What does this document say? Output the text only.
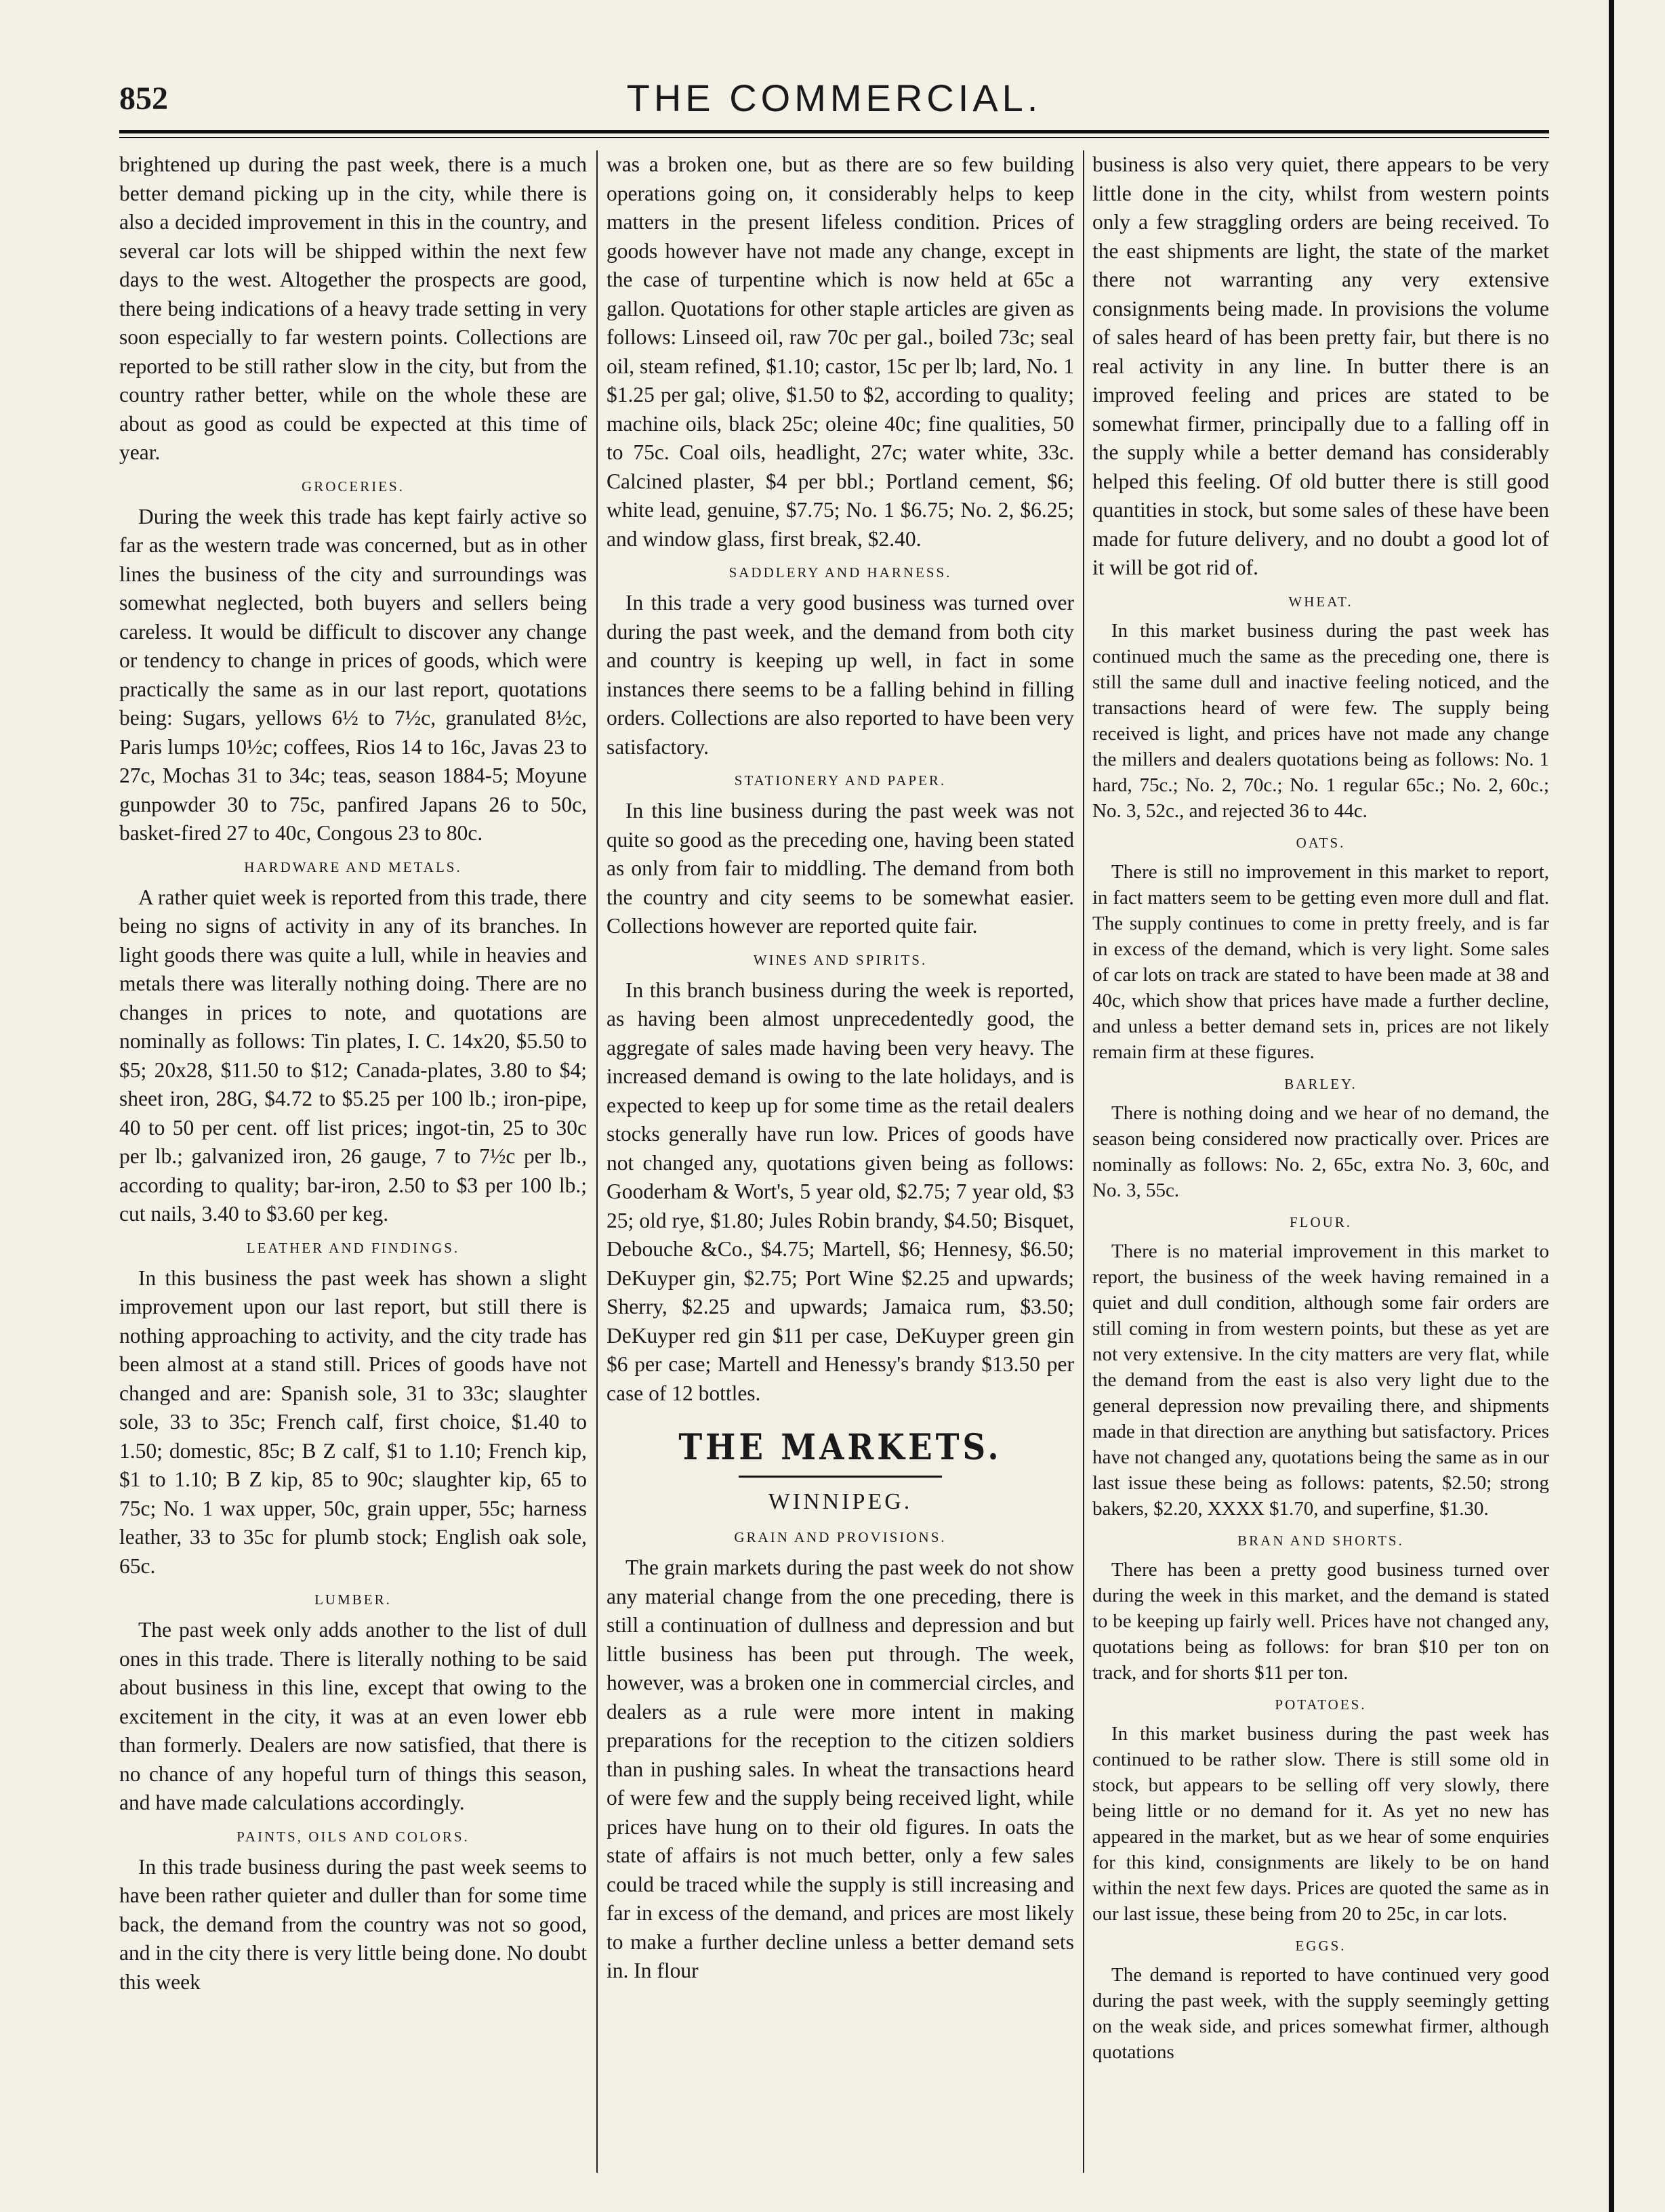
852	THE COMMERCIAL.

brightened up during the past week, there is a much better demand picking up in the city, while there is also a decided improvement in this in the country, and several car lots will be shipped within the next few days to the west. Altogether the prospects are good, there being indications of a heavy trade setting in very soon especially to far western points. Collections are reported to be still rather slow in the city, but from the country rather better, while on the whole these are about as good as could be expected at this time of year.

GROCERIES.

During the week this trade has kept fairly active so far as the western trade was concerned, but as in other lines the business of the city and surroundings was somewhat neglected, both buyers and sellers being careless. It would be difficult to discover any change or tendency to change in prices of goods, which were practically the same as in our last report, quotations being: Sugars, yellows 6½ to 7½c, granulated 8½c, Paris lumps 10½c; coffees, Rios 14 to 16c, Javas 23 to 27c, Mochas 31 to 34c; teas, season 1884-5; Moyune gunpowder 30 to 75c, panfired Japans 26 to 50c, basket-fired 27 to 40c, Congous 23 to 80c.

HARDWARE AND METALS.

A rather quiet week is reported from this trade, there being no signs of activity in any of its branches. In light goods there was quite a lull, while in heavies and metals there was literally nothing doing. There are no changes in prices to note, and quotations are nominally as follows: Tin plates, I. C. 14x20, $5.50 to $5; 20x28, $11.50 to $12; Canada-plates, 3.80 to $4; sheet iron, 28G, $4.72 to $5.25 per 100 lb.; iron-pipe, 40 to 50 per cent. off list prices; ingot-tin, 25 to 30c per lb.; galvanized iron, 26 gauge, 7 to 7½c per lb., according to quality; bar-iron, 2.50 to $3 per 100 lb.; cut nails, 3.40 to $3.60 per keg.

LEATHER AND FINDINGS.

In this business the past week has shown a slight improvement upon our last report, but still there is nothing approaching to activity, and the city trade has been almost at a stand still. Prices of goods have not changed and are: Spanish sole, 31 to 33c; slaughter sole, 33 to 35c; French calf, first choice, $1.40 to 1.50; domestic, 85c; B Z calf, $1 to 1.10; French kip, $1 to 1.10; B Z kip, 85 to 90c; slaughter kip, 65 to 75c; No. 1 wax upper, 50c, grain upper, 55c; harness leather, 33 to 35c for plumb stock; English oak sole, 65c.

LUMBER.

The past week only adds another to the list of dull ones in this trade. There is literally nothing to be said about business in this line, except that owing to the excitement in the city, it was at an even lower ebb than formerly. Dealers are now satisfied, that there is no chance of any hopeful turn of things this season, and have made calculations accordingly.

PAINTS, OILS AND COLORS.

In this trade business during the past week seems to have been rather quieter and duller than for some time back, the demand from the country was not so good, and in the city there is very little being done. No doubt this week

was a broken one, but as there are so few building operations going on, it considerably helps to keep matters in the present lifeless condition. Prices of goods however have not made any change, except in the case of turpentine which is now held at 65c a gallon. Quotations for other staple articles are given as follows: Linseed oil, raw 70c per gal., boiled 73c; seal oil, steam refined, $1.10; castor, 15c per lb; lard, No. 1 $1.25 per gal; olive, $1.50 to $2, according to quality; machine oils, black 25c; oleine 40c; fine qualities, 50 to 75c. Coal oils, headlight, 27c; water white, 33c. Calcined plaster, $4 per bbl.; Portland cement, $6; white lead, genuine, $7.75; No. 1 $6.75; No. 2, $6.25; and window glass, first break, $2.40.

SADDLERY AND HARNESS.

In this trade a very good business was turned over during the past week, and the demand from both city and country is keeping up well, in fact in some instances there seems to be a falling behind in filling orders. Collections are also reported to have been very satisfactory.

STATIONERY AND PAPER.

In this line business during the past week was not quite so good as the preceding one, having been stated as only from fair to middling. The demand from both the country and city seems to be somewhat easier. Collections however are reported quite fair.

WINES AND SPIRITS.

In this branch business during the week is reported, as having been almost unprecedentedly good, the aggregate of sales made having been very heavy. The increased demand is owing to the late holidays, and is expected to keep up for some time as the retail dealers stocks generally have run low. Prices of goods have not changed any, quotations given being as follows: Gooderham & Wort's, 5 year old, $2.75; 7 year old, $3 25; old rye, $1.80; Jules Robin brandy, $4.50; Bisquet, Debouche &Co., $4.75; Martell, $6; Hennesy, $6.50; DeKuyper gin, $2.75; Port Wine $2.25 and upwards; Sherry, $2.25 and upwards; Jamaica rum, $3.50; DeKuyper red gin $11 per case, DeKuyper green gin $6 per case; Martell and Henessy's brandy $13.50 per case of 12 bottles.

THE MARKETS.
WINNIPEG.
GRAIN AND PROVISIONS.

The grain markets during the past week do not show any material change from the one preceding, there is still a continuation of dullness and depression and but little business has been put through. The week, however, was a broken one in commercial circles, and dealers as a rule were more intent in making preparations for the reception to the citizen soldiers than in pushing sales. In wheat the transactions heard of were few and the supply being received light, while prices have hung on to their old figures. In oats the state of affairs is not much better, only a few sales could be traced while the supply is still increasing and far in excess of the demand, and prices are most likely to make a further decline unless a better demand sets in. In flour

business is also very quiet, there appears to be very little done in the city, whilst from western points only a few straggling orders are being received. To the east shipments are light, the state of the market there not warranting any very extensive consignments being made. In provisions the volume of sales heard of has been pretty fair, but there is no real activity in any line. In butter there is an improved feeling and prices are stated to be somewhat firmer, principally due to a falling off in the supply while a better demand has considerably helped this feeling. Of old butter there is still good quantities in stock, but some sales of these have been made for future delivery, and no doubt a good lot of it will be got rid of.

WHEAT.

In this market business during the past week has continued much the same as the preceding one, there is still the same dull and inactive feeling noticed, and the transactions heard of were few. The supply being received is light, and prices have not made any change the millers and dealers quotations being as follows: No. 1 hard, 75c.; No. 2, 70c.; No. 1 regular 65c.; No. 2, 60c.; No. 3, 52c., and rejected 36 to 44c.

OATS.

There is still no improvement in this market to report, in fact matters seem to be getting even more dull and flat. The supply continues to come in pretty freely, and is far in excess of the demand, which is very light. Some sales of car lots on track are stated to have been made at 38 and 40c, which show that prices have made a further decline, and unless a better demand sets in, prices are not likely remain firm at these figures.

BARLEY.

There is nothing doing and we hear of no demand, the season being considered now practically over. Prices are nominally as follows: No. 2, 65c, extra No. 3, 60c, and No. 3, 55c.

FLOUR.

There is no material improvement in this market to report, the business of the week having remained in a quiet and dull condition, although some fair orders are still coming in from western points, but these as yet are not very extensive. In the city matters are very flat, while the demand from the east is also very light due to the general depression now prevailing there, and shipments made in that direction are anything but satisfactory. Prices have not changed any, quotations being the same as in our last issue these being as follows: patents, $2.50; strong bakers, $2.20, XXXX $1.70, and superfine, $1.30.

BRAN AND SHORTS.

There has been a pretty good business turned over during the week in this market, and the demand is stated to be keeping up fairly well. Prices have not changed any, quotations being as follows: for bran $10 per ton on track, and for shorts $11 per ton.

POTATOES.

In this market business during the past week has continued to be rather slow. There is still some old in stock, but appears to be selling off very slowly, there being little or no demand for it. As yet no new has appeared in the market, but as we hear of some enquiries for this kind, consignments are likely to be on hand within the next few days. Prices are quoted the same as in our last issue, these being from 20 to 25c, in car lots.

EGGS.

The demand is reported to have continued very good during the past week, with the supply seemingly getting on the weak side, and prices somewhat firmer, although quotations
